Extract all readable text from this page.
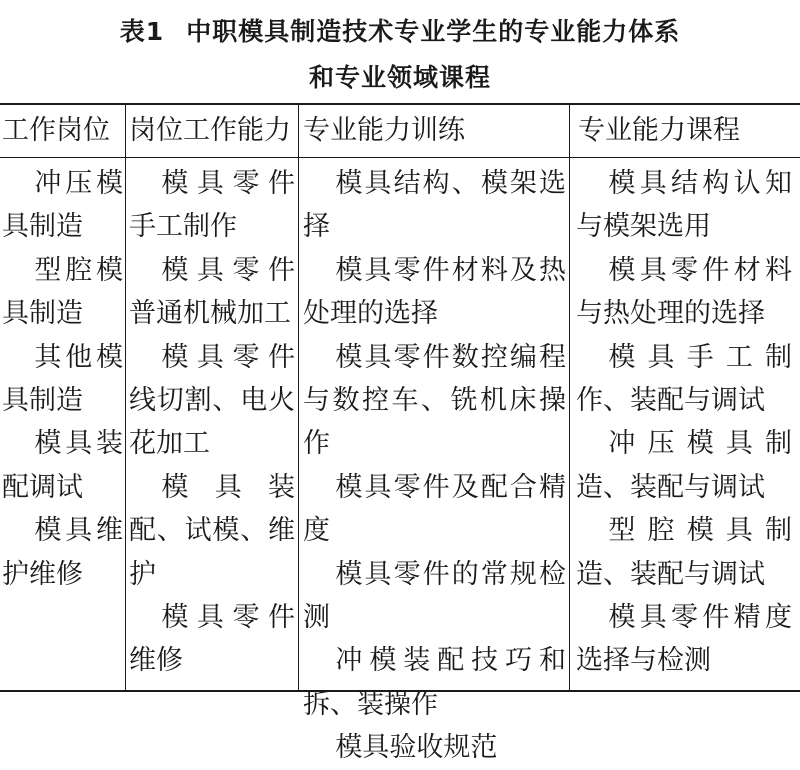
表1 中职模具制造技术专业学生的专业能力体系
和专业领域课程
工作岗位 岗位工作能力 专业能力训练	专业能力课程

冲压模具制造

型腔模具制造

其他模具制造

模具装配调试

模具维护维修

模具零件手工制作

模具零件普通机械加工

模具零件线切割、电火花加工

模具装配、试模、维护

模具零件维修

模具结构、模架选择

模具零件材料及热处理的选择

模具零件数控编程与数控车、铣机床操作

模具零件及配合精度

模具零件的常规检测

冲模装配技巧和拆、装操作

模具验收规范

模具结构认知与模架选用

模具零件材料与热处理的选择

模具手工制作、装配与调试

冲压模具制造、装配与调试

型腔模具制造、装配与调试

模具零件精度选择与检测
